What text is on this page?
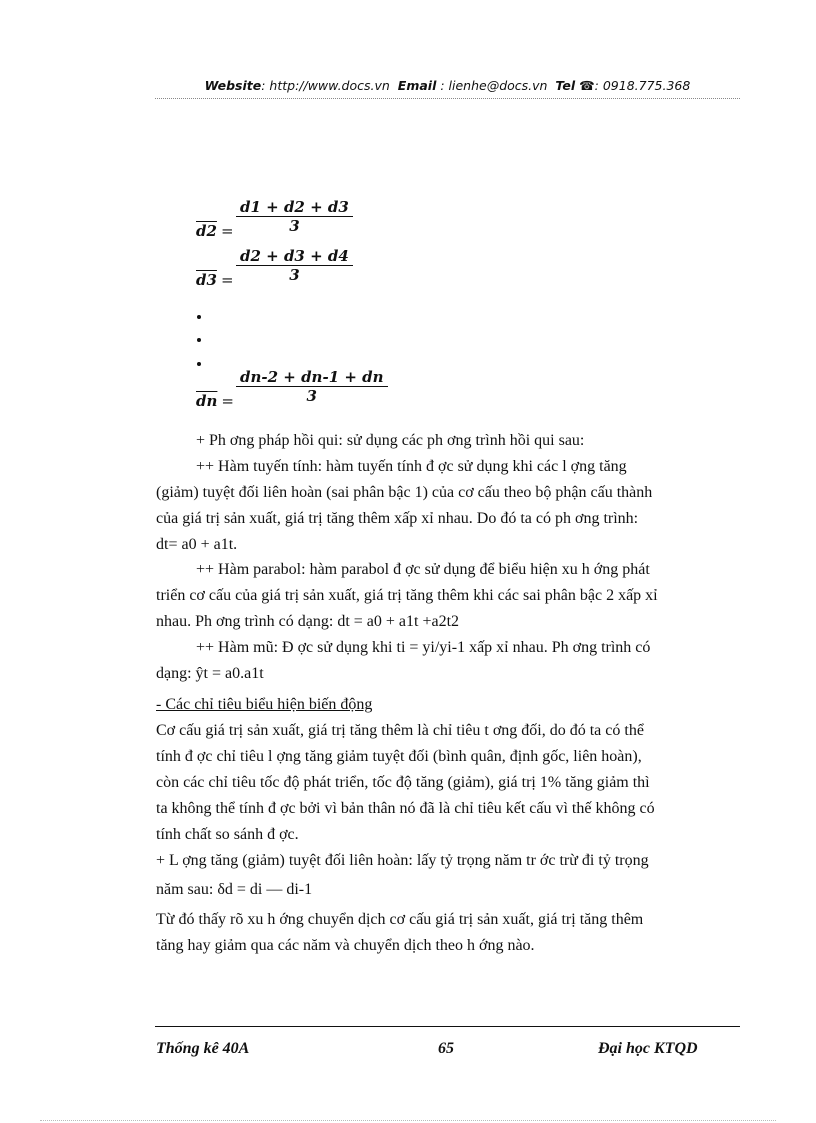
Website: http://www.docs.vn Email : lienhe@docs.vn Tel ☎: 0918.775.368
$d2 = \frac{d1 + d2 + d3}{3}$
$d3 = \frac{d2 + d3 + d4}{3}$
$\overline{dn} = \frac{dn-2 + dn-1 + dn}{3}$
+ Ph ơng pháp hồi qui: sử dụng các ph ơng trình hồi qui sau:
++ Hàm tuyến tính: hàm tuyến tính đ ợc sử dụng khi các l ợng tăng
(giảm) tuyệt đối liên hoàn (sai phân bậc 1) của cơ cấu theo bộ phận cấu thành
của giá trị sản xuất, giá trị tăng thêm xấp xỉ nhau. Do đó ta có ph ơng trình:
dt= a0 + a1t.
++ Hàm parabol: hàm parabol đ ợc sử dụng để biểu hiện xu h ớng phát
triển cơ cấu của giá trị sản xuất, giá trị tăng thêm khi các sai phân bậc 2 xấp xỉ
nhau. Ph ơng trình có dạng: dt = a0 + a1t +a2t2
++ Hàm mũ: Đ ợc sử dụng khi ti = yi/yi-1 xấp xỉ nhau. Ph ơng trình có
dạng: ŷt = a0.a1t
- Các chỉ tiêu biểu hiện biến động
Cơ cấu giá trị sản xuất, giá trị tăng thêm là chỉ tiêu t ơng đối, do đó ta có thể
tính đ ợc chỉ tiêu l ợng tăng giảm tuyệt đối (bình quân, định gốc, liên hoàn),
còn các chỉ tiêu tốc độ phát triển, tốc độ tăng (giảm), giá trị 1% tăng giảm thì
ta không thể tính đ ợc bởi vì bản thân nó đã là chỉ tiêu kết cấu vì thế không có
tính chất so sánh đ ợc.
+ L ợng tăng (giảm) tuyệt đối liên hoàn: lấy tỷ trọng năm tr ớc trừ đi tỷ trọng
năm sau: δd = di — di-1
Từ đó thấy rõ xu h ớng chuyển dịch cơ cấu giá trị sản xuất, giá trị tăng thêm
tăng hay giảm qua các năm và chuyển dịch theo h ớng nào.
Thống kê 40A	65	Đại học KTQD
